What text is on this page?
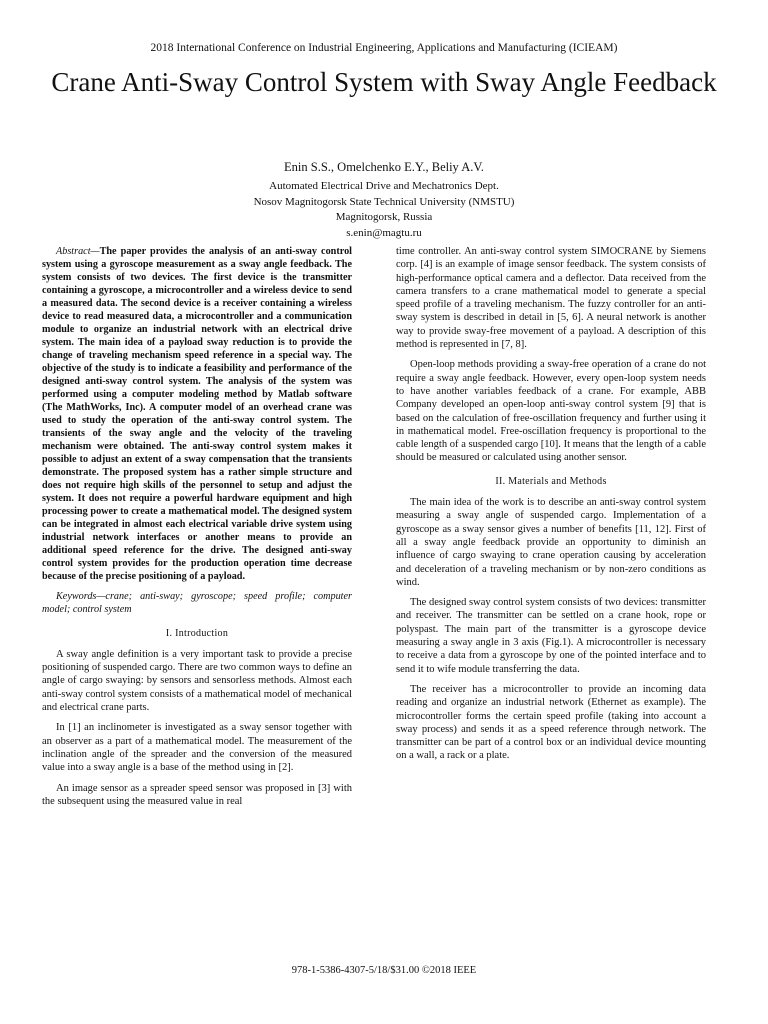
2018 International Conference on Industrial Engineering, Applications and Manufacturing (ICIEAM)
Crane Anti-Sway Control System with Sway Angle Feedback
Enin S.S., Omelchenko E.Y., Beliy A.V.
Automated Electrical Drive and Mechatronics Dept.
Nosov Magnitogorsk State Technical University (NMSTU)
Magnitogorsk, Russia
s.enin@magtu.ru

Abstract—The paper provides the analysis of an anti-sway control system using a gyroscope measurement as a sway angle feedback. The system consists of two devices. The first device is the transmitter containing a gyroscope, a microcontroller and a wireless device to send a measured data. The second device is a receiver containing a wireless device to read measured data, a microcontroller and a communication module to organize an industrial network with an electrical drive system. The main idea of a payload sway reduction is to provide the change of traveling mechanism speed reference in a special way. The objective of the study is to indicate a feasibility and performance of the designed anti-sway control system. The analysis of the system was performed using a computer modeling method by Matlab software (The MathWorks, Inc). A computer model of an overhead crane was used to study the operation of the anti-sway control system. The transients of the sway angle and the velocity of the traveling mechanism were obtained. The anti-sway control system makes it possible to adjust an extent of a sway compensation that the transients demonstrate. The proposed system has a rather simple structure and does not require high skills of the personnel to setup and adjust the system. It does not require a powerful hardware equipment and high processing power to create a mathematical model. The designed system can be integrated in almost each electrical variable drive system using industrial network interfaces or another means to provide an additional speed reference for the drive. The designed anti-sway control system provides for the production operation time decrease because of the precise positioning of a payload.

Keywords—crane; anti-sway; gyroscope; speed profile; computer model; control system

I. Introduction

A sway angle definition is a very important task to provide a precise positioning of suspended cargo. There are two common ways to define an angle of cargo swaying: by sensors and sensorless methods. Almost each anti-sway control system consists of a mathematical model of mechanical and electrical crane parts.

In [1] an inclinometer is investigated as a sway sensor together with an observer as a part of a mathematical model. The measurement of the inclination angle of the spreader and the conversion of the measured value into a sway angle is a base of the method using in [2].

An image sensor as a spreader speed sensor was proposed in [3] with the subsequent using the measured value in real

time controller. An anti-sway control system SIMOCRANE by Siemens corp. [4] is an example of image sensor feedback. The system consists of high-performance optical camera and a deflector. Data received from the camera transfers to a crane mathematical model to generate a special speed profile of a traveling mechanism. The fuzzy controller for an anti-sway system is described in detail in [5, 6]. A neural network is another way to provide sway-free movement of a payload. A description of this method is represented in [7, 8].

Open-loop methods providing a sway-free operation of a crane do not require a sway angle feedback. However, every open-loop system needs to have another variables feedback of a crane. For example, ABB Company developed an open-loop anti-sway control system [9] that is based on the calculation of free-oscillation frequency and further using it in mathematical model. Free-oscillation frequency is proportional to the cable length of a suspended cargo [10]. It means that the length of a cable should be measured or calculated using another sensor.

II. Materials and Methods

The main idea of the work is to describe an anti-sway control system measuring a sway angle of suspended cargo. Implementation of a gyroscope as a sway sensor gives a number of benefits [11, 12]. First of all a sway angle feedback provide an opportunity to diminish an influence of cargo swaying to crane operation causing by acceleration and deceleration of a traveling mechanism or by non-zero conditions as wind.

The designed sway control system consists of two devices: transmitter and receiver. The transmitter can be settled on a crane hook, rope or polyspast. The main part of the transmitter is a gyroscope device measuring a sway angle in 3 axis (Fig.1). A microcontroller is necessary to receive a data from a gyroscope by one of the pointed interface and to send it to wife module transferring the data.

The receiver has a microcontroller to provide an incoming data reading and organize an industrial network (Ethernet as example). The microcontroller forms the certain speed profile (taking into account a sway process) and sends it as a speed reference through network. The transmitter can be part of a control box or an individual device mounting on a wall, a rack or a plate.

978-1-5386-4307-5/18/$31.00 ©2018 IEEE
